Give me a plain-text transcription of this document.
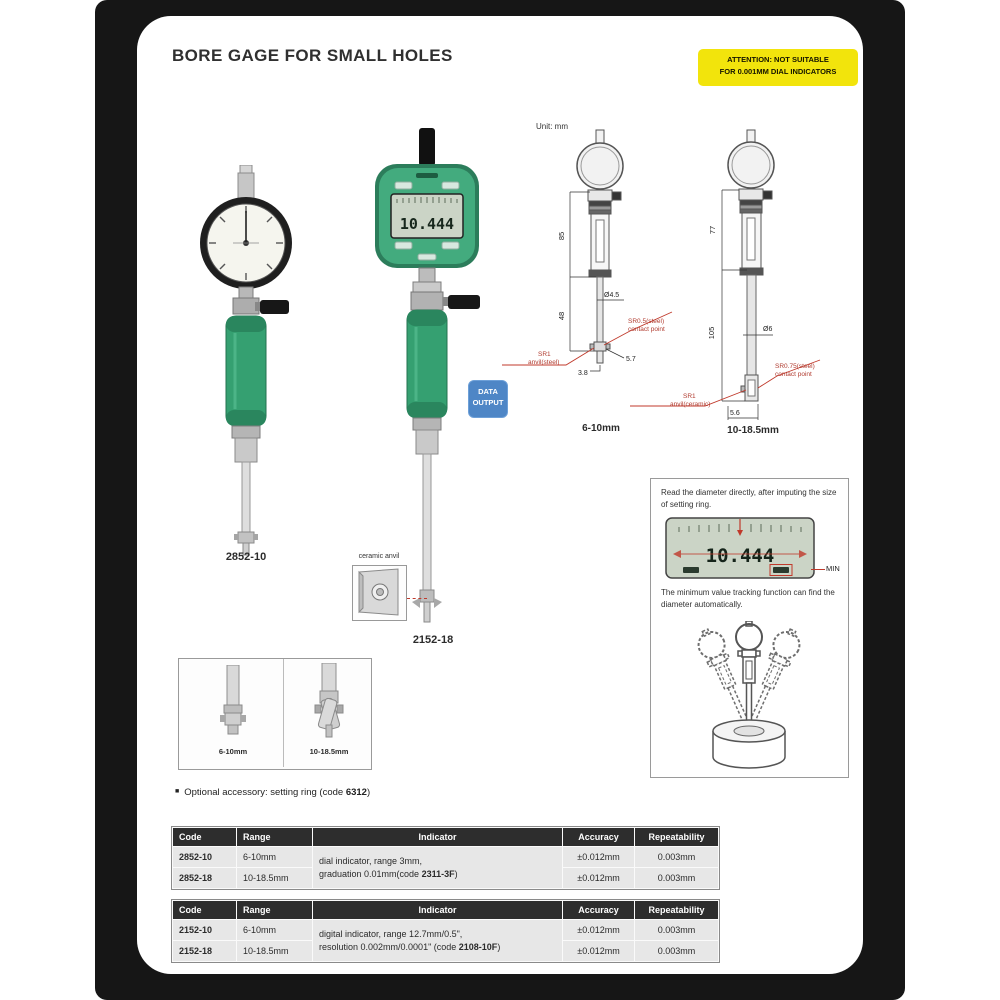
BORE GAGE FOR SMALL HOLES	ATTENTION: NOT SUITABLE
FOR 0.001MM DIAL INDICATORS
2852-10
10.444
2152-18
DATA
OUTPUT
ceramic anvil
Unit: mm
85
48
Ø4.5
5.7
3.8
SR0.5(steel)
contact point
SR1
anvil(steel)
6-10mm
77
105	Ø6
5.6
SR0.75(steel)
contact point
SR1
anvil(ceramic)
10-18.5mm

Read the diameter directly, after imputing the size of setting ring.

10.444
MIN

The minimum value tracking function can find the diameter automatically.

6-10mm	10-18.5mm
■ Optional accessory: setting ring (code 6312)
Code	Range	Indicator	Accuracy	Repeatability
2852-10	6-10mm	dial indicator, range 3mm,
graduation 0.01mm(code 2311-3F)	±0.012mm	0.003mm
2852-18	10-18.5mm		±0.012mm	0.003mm
Code	Range	Indicator	Accuracy	Repeatability
2152-10	6-10mm	digital indicator, range 12.7mm/0.5",
resolution 0.002mm/0.0001" (code 2108-10F)	±0.012mm	0.003mm
2152-18	10-18.5mm		±0.012mm	0.003mm
